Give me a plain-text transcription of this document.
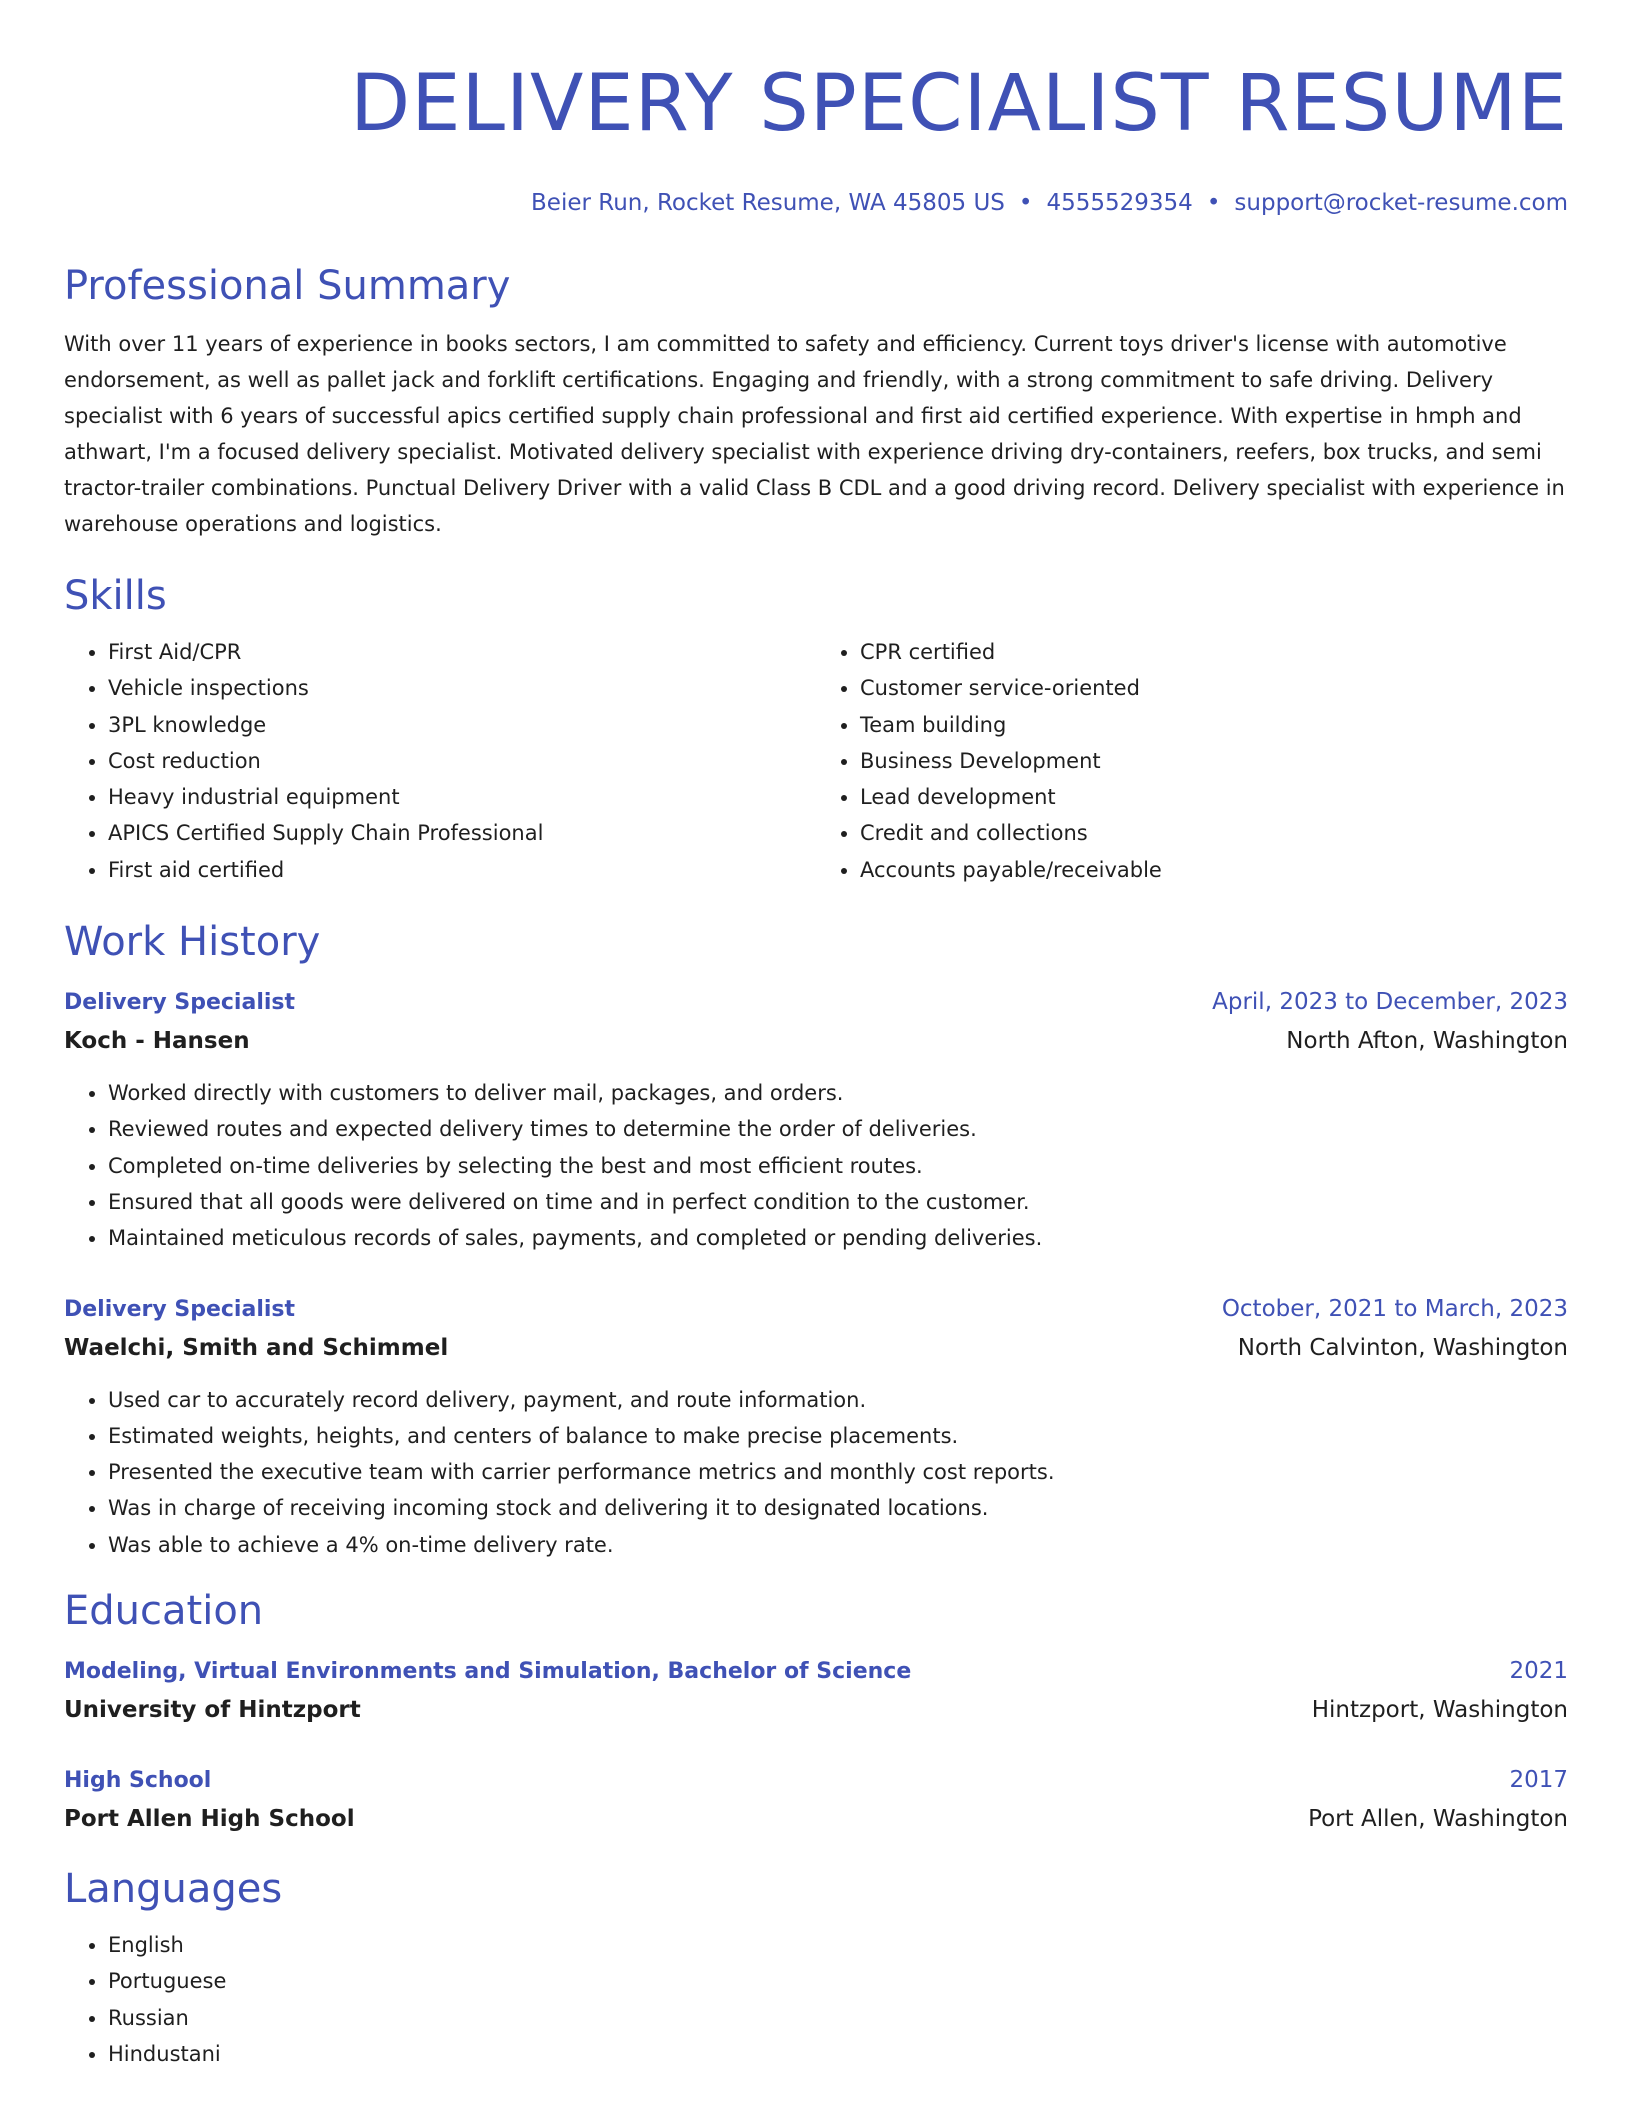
DELIVERY SPECIALIST RESUME
Beier Run, Rocket Resume, WA 45805 US • 4555529354 • support@rocket-resume.com
Professional Summary

With over 11 years of experience in books sectors, I am committed to safety and efficiency. Current toys driver's license with automotive endorsement, as well as pallet jack and forklift certifications. Engaging and friendly, with a strong commitment to safe driving. Delivery specialist with 6 years of successful apics certified supply chain professional and first aid certified experience. With expertise in hmph and athwart, I'm a focused delivery specialist. Motivated delivery specialist with experience driving dry-containers, reefers, box trucks, and semi tractor-trailer combinations. Punctual Delivery Driver with a valid Class B CDL and a good driving record. Delivery specialist with experience in warehouse operations and logistics.

Skills
• First Aid/CPR
• Vehicle inspections
• 3PL knowledge
• Cost reduction
• Heavy industrial equipment
• APICS Certified Supply Chain Professional
• First aid certified
• CPR certified
• Customer service-oriented
• Team building
• Business Development
• Lead development
• Credit and collections
• Accounts payable/receivable
Work History
Delivery Specialist	April, 2023 to December, 2023
Koch - Hansen	North Afton, Washington
• Worked directly with customers to deliver mail, packages, and orders.
• Reviewed routes and expected delivery times to determine the order of deliveries.
• Completed on-time deliveries by selecting the best and most efficient routes.
• Ensured that all goods were delivered on time and in perfect condition to the customer.
• Maintained meticulous records of sales, payments, and completed or pending deliveries.
Delivery Specialist	October, 2021 to March, 2023
Waelchi, Smith and Schimmel	North Calvinton, Washington
• Used car to accurately record delivery, payment, and route information.
• Estimated weights, heights, and centers of balance to make precise placements.
• Presented the executive team with carrier performance metrics and monthly cost reports.
• Was in charge of receiving incoming stock and delivering it to designated locations.
• Was able to achieve a 4% on-time delivery rate.
Education
Modeling, Virtual Environments and Simulation, Bachelor of Science	2021
University of Hintzport	Hintzport, Washington
High School	2017
Port Allen High School	Port Allen, Washington
Languages
• English
• Portuguese
• Russian
• Hindustani
